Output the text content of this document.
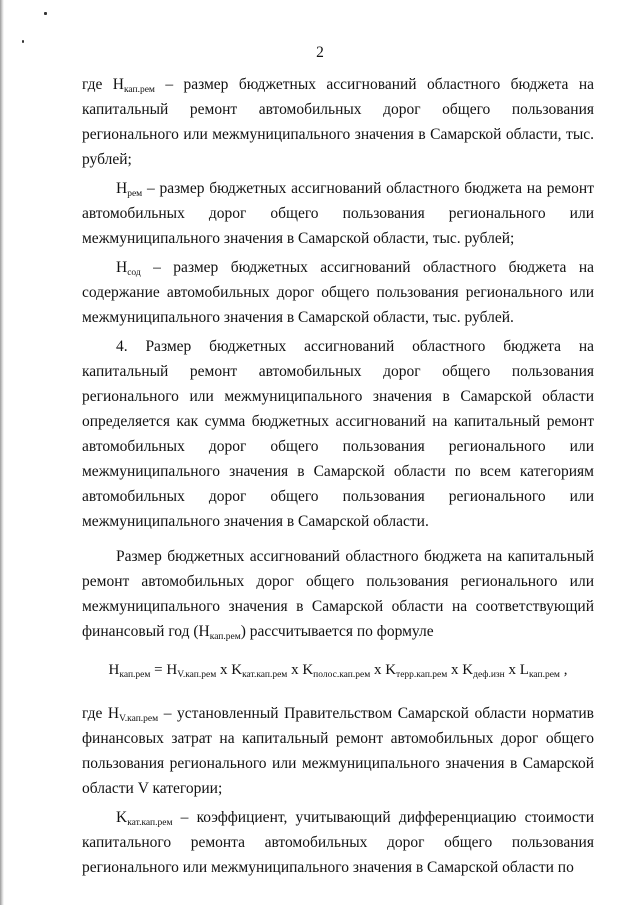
2

где $Н_{кап.рем}$ – размер бюджетных ассигнований областного бюджета на капитальный ремонт автомобильных дорог общего пользования регионального или межмуниципального значения в Самарской области, тыс. рублей;

$Н_{рем}$ – размер бюджетных ассигнований областного бюджета на ремонт автомобильных дорог общего пользования регионального или межмуниципального значения в Самарской области, тыс. рублей;

$Н_{сод}$ – размер бюджетных ассигнований областного бюджета на содержание автомобильных дорог общего пользования регионального или межмуниципального значения в Самарской области, тыс. рублей.

4. Размер бюджетных ассигнований областного бюджета на капитальный ремонт автомобильных дорог общего пользования регионального или межмуниципального значения в Самарской области определяется как сумма бюджетных ассигнований на капитальный ремонт автомобильных дорог общего пользования регионального или межмуниципального значения в Самарской области по всем категориям автомобильных дорог общего пользования регионального или межмуниципального значения в Самарской области.

Размер бюджетных ассигнований областного бюджета на капитальный ремонт автомобильных дорог общего пользования регионального или межмуниципального значения в Самарской области на соответствующий финансовый год $(Н_{кап.рем})$ рассчитывается по формуле

$Н_{кап.рем} = Н_{V.кап.рем}$ x $K_{кат.кап.рем}$ x $K_{полос.кап.рем}$ x $K_{терр.кап.рем}$ x $K_{деф.изн}$ x $L_{кап.рем}$ ,

где $Н_{V.кап.рем}$ – установленный Правительством Самарской области норматив финансовых затрат на капитальный ремонт автомобильных дорог общего пользования регионального или межмуниципального значения в Самарской области V категории;

$K_{кат.кап.рем}$ – коэффициент, учитывающий дифференциацию стоимости капитального ремонта автомобильных дорог общего пользования регионального или межмуниципального значения в Самарской области по
